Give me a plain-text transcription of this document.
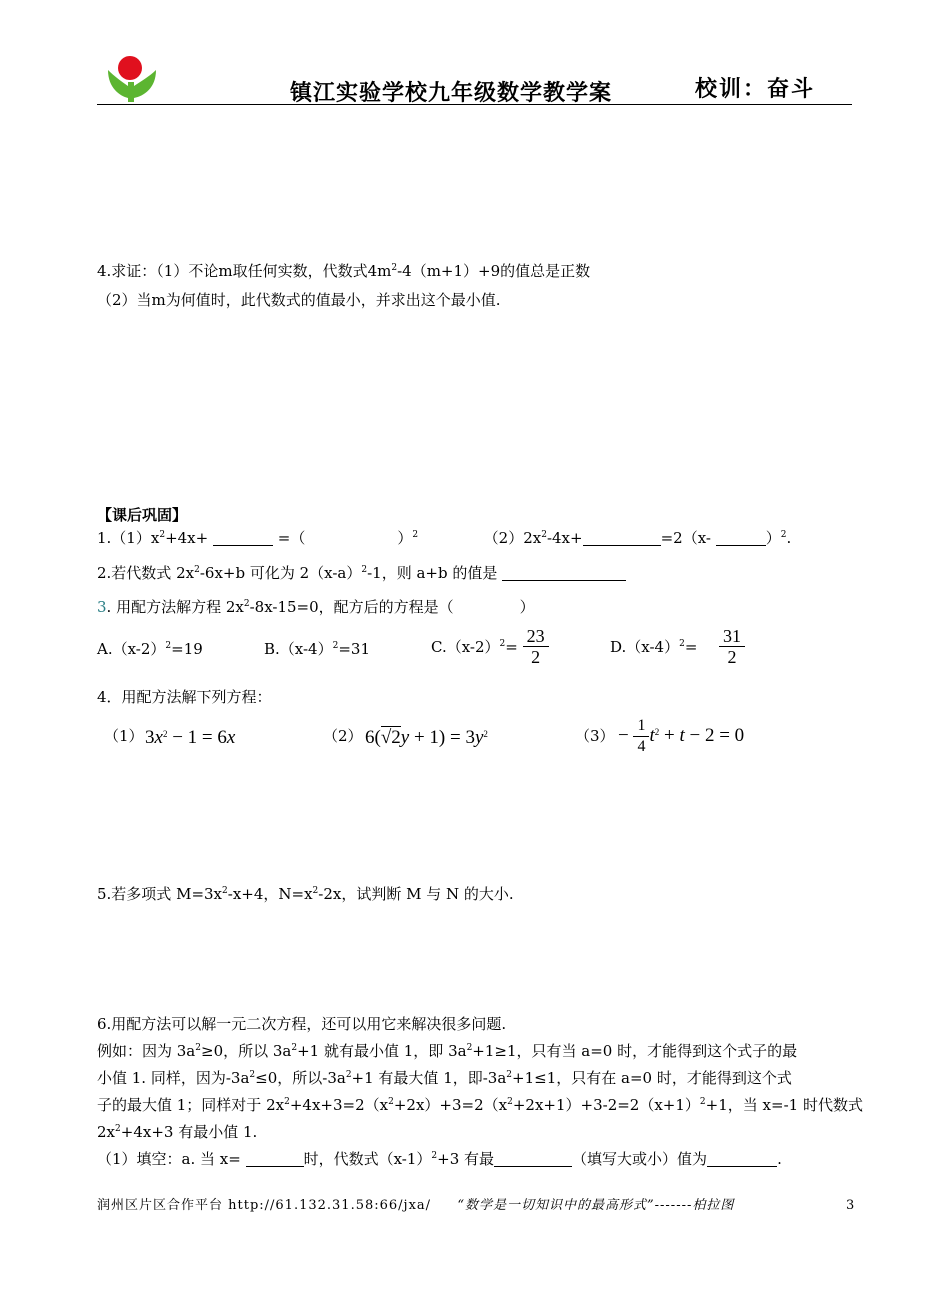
镇江实验学校九年级数学教学案	校训：奋斗
4.求证：（1）不论m取任何实数，代数式$4m^2-4(m+1)+9$的值总是正数
（2）当m为何值时，此代数式的值最小，并求出这个最小值.
【课后巩固】
$1.(1)x^2+4x+$	=（	）$^2$	$(2)2x^2-4x+$	=2（x-	）$^2$.
2.若代数式 $2x^2-6x+b$ 可化为 $2(x-a)^2-1$，则 a+b 的值是
3. 用配方法解方程 $2x^2-8x-15=0$，配方后的方程是（	）
$A.(x-2)^2=19$	$B.(x-4)^2=31$	$C.(x-2)^2= \frac{23}{2}$	$D.(x-4)^2= \frac{31}{2}$
4．用配方法解下列方程：
（1） $3x^2 - 1 = 6x$	（2） $6(√2y + 1) = 3y^2$	$(3) - \frac{1}{4} t^2 + t - 2 = 0$
5.若多项式 $M=3x^2-x+4$，$N=x^2-2x$，试判断 M 与 N 的大小.
6.用配方法可以解一元二次方程，还可以用它来解决很多问题.
例如：因为 $3a^2\ge 0$，所以 $3a^2+1$ 就有最小值 1，即 $3a^2+1\ge 1$，只有当 a=0 时，才能得到这个式子的最
小值 1. 同样，因为$-3a^2\le 0$，所以$-3a^2+1$ 有最大值 1，即$-3a^2+1\le 1$，只有在 a=0 时，才能得到这个式
子的最大值 1；同样对于 $2x^2+4x+3=2(x^2+2x)+3=2(x^2+2x+1)+3-2=2(x+1)^2+1$，当 x=-1 时代数式
$2x^2+4x+3$ 有最小值 1.
（1）填空：a. 当 x=	时，代数式$(x-1)^2+3$ 有最	（填写大或小）值为	.
润州区片区合作平台 http://61.132.31.58:66/jxa/ “数学是一切知识中的最高形式”-------柏拉图	3
